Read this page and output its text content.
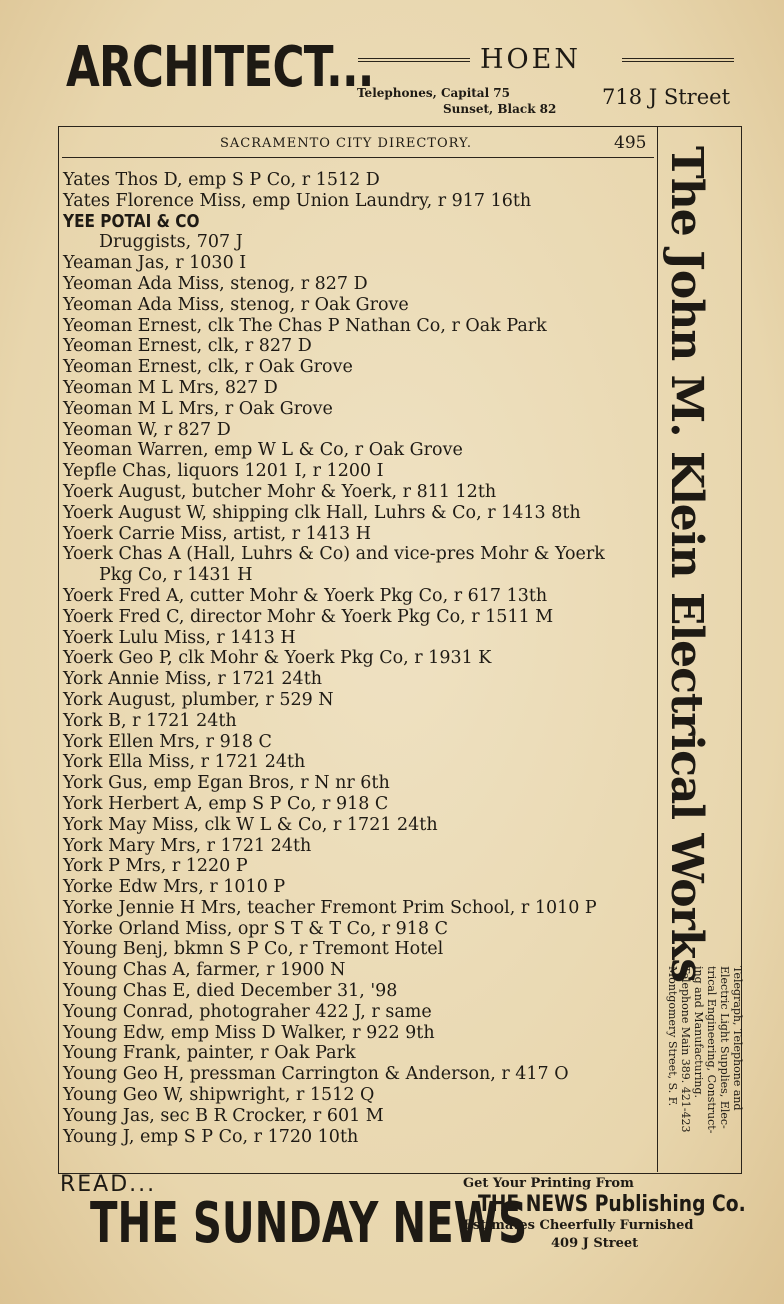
ARCHITECT...	HOEN
Telephones, Capital 75
Sunset, Black 82 718 J Street
SACRAMENTO CITY DIRECTORY.	495
Yates Thos D, emp S P Co, r 1512 D
Yates Florence Miss, emp Union Laundry, r 917 16th
YEE POTAI & CO
Druggists, 707 J
Yeaman Jas, r 1030 I
Yeoman Ada Miss, stenog, r 827 D
Yeoman Ada Miss, stenog, r Oak Grove
Yeoman Ernest, clk The Chas P Nathan Co, r Oak Park
Yeoman Ernest, clk, r 827 D
Yeoman Ernest, clk, r Oak Grove
Yeoman M L Mrs, 827 D
Yeoman M L Mrs, r Oak Grove
Yeoman W, r 827 D
Yeoman Warren, emp W L & Co, r Oak Grove
Yepfle Chas, liquors 1201 I, r 1200 I
Yoerk August, butcher Mohr & Yoerk, r 811 12th
Yoerk August W, shipping clk Hall, Luhrs & Co, r 1413 8th
Yoerk Carrie Miss, artist, r 1413 H
Yoerk Chas A (Hall, Luhrs & Co) and vice-pres Mohr & Yoerk
Pkg Co, r 1431 H
Yoerk Fred A, cutter Mohr & Yoerk Pkg Co, r 617 13th
Yoerk Fred C, director Mohr & Yoerk Pkg Co, r 1511 M
Yoerk Lulu Miss, r 1413 H
Yoerk Geo P, clk Mohr & Yoerk Pkg Co, r 1931 K
York Annie Miss, r 1721 24th
York August, plumber, r 529 N
York B, r 1721 24th
York Ellen Mrs, r 918 C
York Ella Miss, r 1721 24th
York Gus, emp Egan Bros, r N nr 6th
York Herbert A, emp S P Co, r 918 C
York May Miss, clk W L & Co, r 1721 24th
York Mary Mrs, r 1721 24th
York P Mrs, r 1220 P
Yorke Edw Mrs, r 1010 P
Yorke Jennie H Mrs, teacher Fremont Prim School, r 1010 P
Yorke Orland Miss, opr S T & T Co, r 918 C
Young Benj, bkmn S P Co, r Tremont Hotel
Young Chas A, farmer, r 1900 N
Young Chas E, died December 31, '98
Young Conrad, photograher 422 J, r same
Young Edw, emp Miss D Walker, r 922 9th
Young Frank, painter, r Oak Park
Young Geo H, pressman Carrington & Anderson, r 417 O
Young Geo W, shipwright, r 1512 Q
Young Jas, sec B R Crocker, r 601 M
Young J, emp S P Co, r 1720 10th
The John M. Klein Electrical Works
Telegraph, Telephone and
Electric Light Supplies, Elec-
trical Engineering, Construct-
ing and Manufacturing.
Telephone Main 389. 421-423
Montgomery Street, S. F.
READ...
THE SUNDAY NEWS
Get Your Printing From
THE NEWS Publishing Co.
Estimates Cheerfully Furnished
409 J Street
